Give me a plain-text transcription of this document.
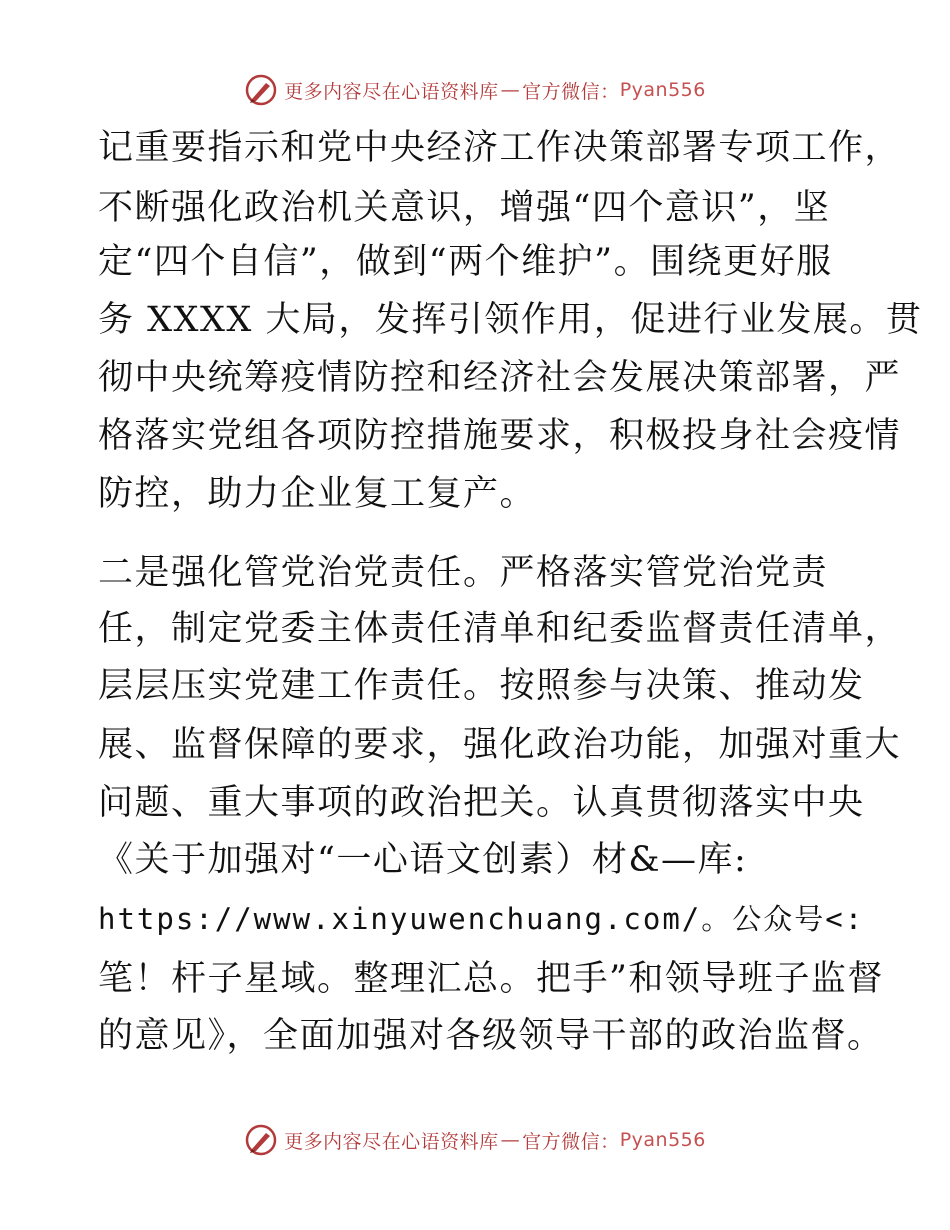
更多内容尽在心语资料库 — 官方微信： Pyan556
记重要指示和党中央经济工作决策部署专项工作，
不断强化政治机关意识，增强“四个意识”，坚
定“四个自信”，做到“两个维护”。围绕更好服
务 XXXX 大局，发挥引领作用，促进行业发展。贯
彻中央统筹疫情防控和经济社会发展决策部署，严
格落实党组各项防控措施要求，积极投身社会疫情
防控，助力企业复工复产。
二是强化管党治党责任。严格落实管党治党责
任，制定党委主体责任清单和纪委监督责任清单，
层层压实党建工作责任。按照参与决策、推动发
展、监督保障的要求，强化政治功能，加强对重大
问题、重大事项的政治把关。认真贯彻落实中央
《关于加强对“一心语文创素）材&—库:
https://www.xinyuwenchuang.com/。公众号<:
笔！杆子星域。整理汇总。把手”和领导班子监督
的意见》，全面加强对各级领导干部的政治监督。
更多内容尽在心语资料库 — 官方微信： Pyan556
